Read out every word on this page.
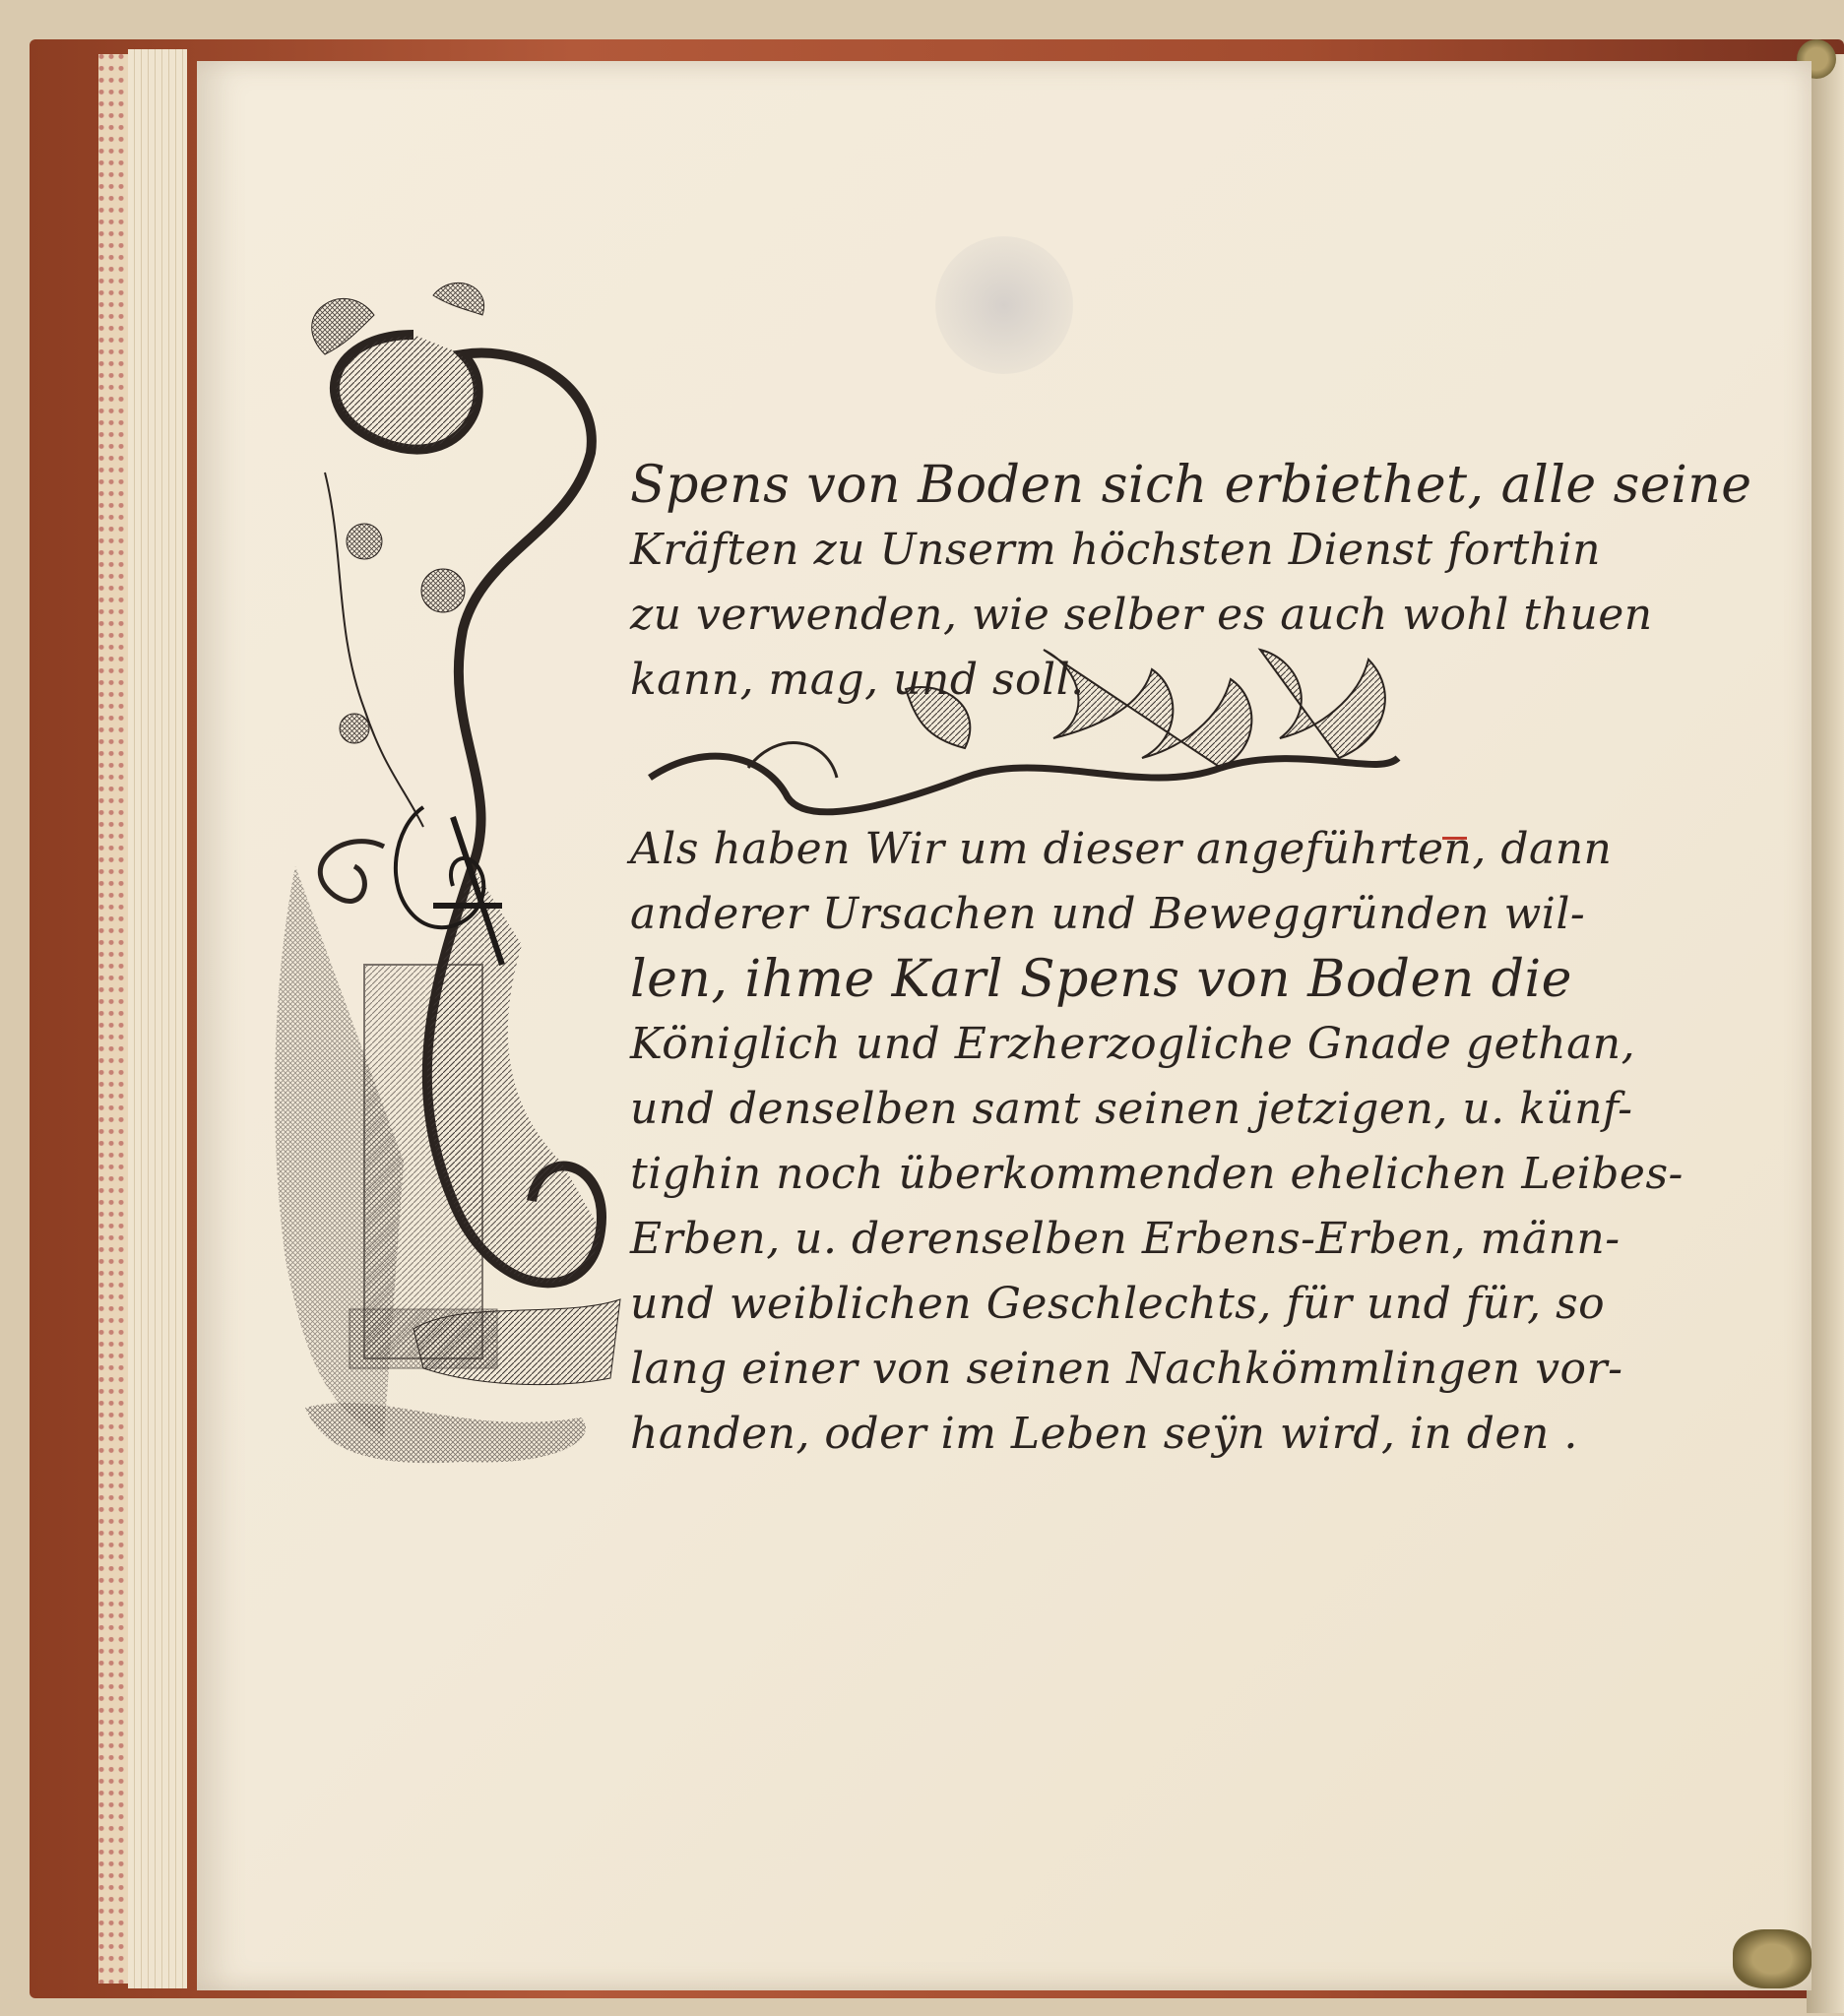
Spens von Boden sich erbiethet, alle seine
Kräften zu Unserm höchsten Dienst forthin
zu verwenden, wie selber es auch wohl thuen
kann, mag, und soll.
Als haben Wir um dieser angeführten, dann
anderer Ursachen und Beweggründen wil-
len, ihme Karl Spens von Boden die
Königlich und Erzherzogliche Gnade gethan,
und denselben samt seinen jetzigen, u. künf-
tighin noch überkommenden ehelichen Leibes-
Erben, u. derenselben Erbens-Erben, männ-
und weiblichen Geschlechts, für und für, so
lang einer von seinen Nachkömmlingen vor-
handen, oder im Leben seÿn wird, in den .
